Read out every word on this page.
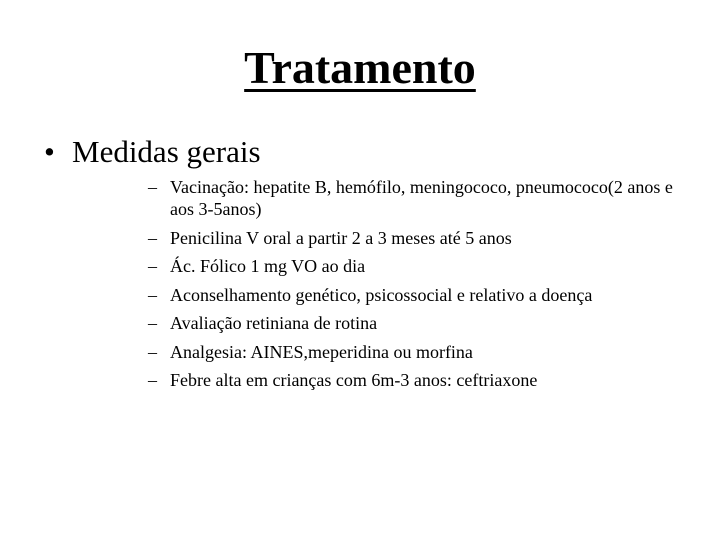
Tratamento
• Medidas gerais
– Vacinação: hepatite B, hemófilo, meningococo, pneumococo(2 anos e aos 3-5anos)
– Penicilina V oral a partir 2 a 3 meses até 5 anos
– Ác. Fólico 1 mg VO ao dia
– Aconselhamento genético, psicossocial e relativo a doença
– Avaliação retiniana de rotina
– Analgesia: AINES,meperidina ou morfina
– Febre alta em crianças com 6m-3 anos: ceftriaxone
